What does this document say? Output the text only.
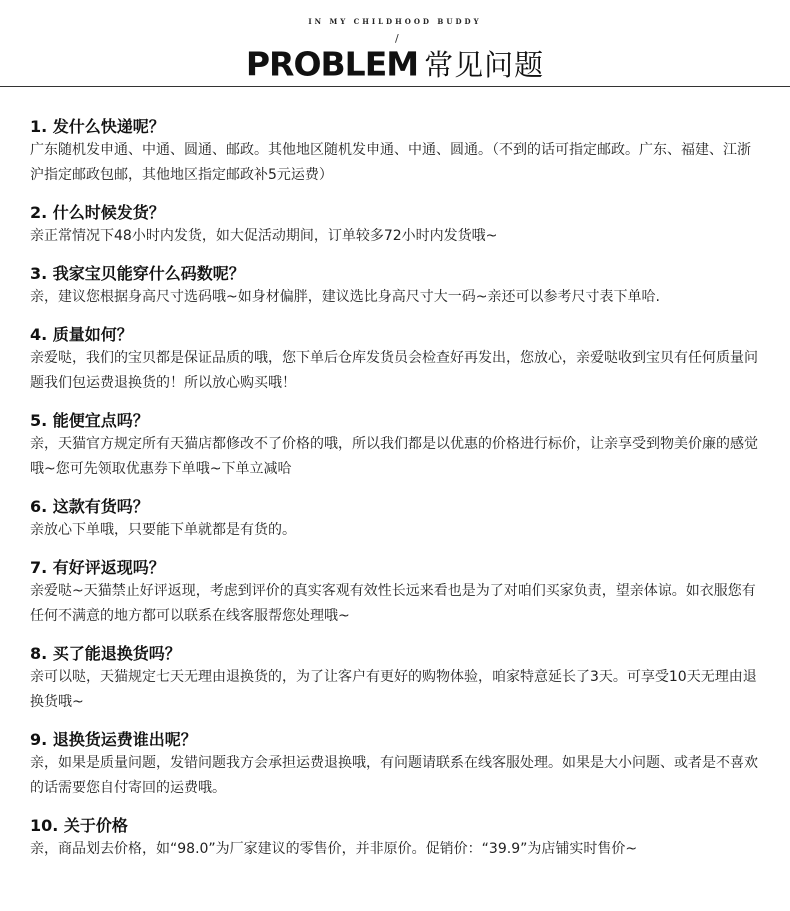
IN MY CHILDHOOD BUDDY
/
PROBLEM 常见问题

1. 发什么快递呢？

广东随机发申通、中通、圆通、邮政。其他地区随机发申通、中通、圆通。（不到的话可指定邮政。广东、福建、江浙沪指定邮政包邮，其他地区指定邮政补5元运费）

2. 什么时候发货？

亲正常情况下48小时内发货，如大促活动期间，订单较多72小时内发货哦~

3. 我家宝贝能穿什么码数呢？

亲，建议您根据身高尺寸选码哦~如身材偏胖，建议选比身高尺寸大一码~亲还可以参考尺寸表下单哈.

4. 质量如何？

亲爱哒，我们的宝贝都是保证品质的哦，您下单后仓库发货员会检查好再发出，您放心，亲爱哒收到宝贝有任何质量问题我们包运费退换货的！所以放心购买哦！

5. 能便宜点吗？

亲，天猫官方规定所有天猫店都修改不了价格的哦，所以我们都是以优惠的价格进行标价，让亲享受到物美价廉的感觉哦~您可先领取优惠券下单哦~下单立减哈

6. 这款有货吗？

亲放心下单哦，只要能下单就都是有货的。

7. 有好评返现吗？

亲爱哒~天猫禁止好评返现，考虑到评价的真实客观有效性长远来看也是为了对咱们买家负责，望亲体谅。如衣服您有任何不满意的地方都可以联系在线客服帮您处理哦~

8. 买了能退换货吗？

亲可以哒，天猫规定七天无理由退换货的，为了让客户有更好的购物体验，咱家特意延长了3天。可享受10天无理由退换货哦~

9. 退换货运费谁出呢？

亲，如果是质量问题，发错问题我方会承担运费退换哦，有问题请联系在线客服处理。如果是大小问题、或者是不喜欢的话需要您自付寄回的运费哦。

10. 关于价格

亲，商品划去价格，如“98.0”为厂家建议的零售价，并非原价。促销价：“39.9”为店铺实时售价~
